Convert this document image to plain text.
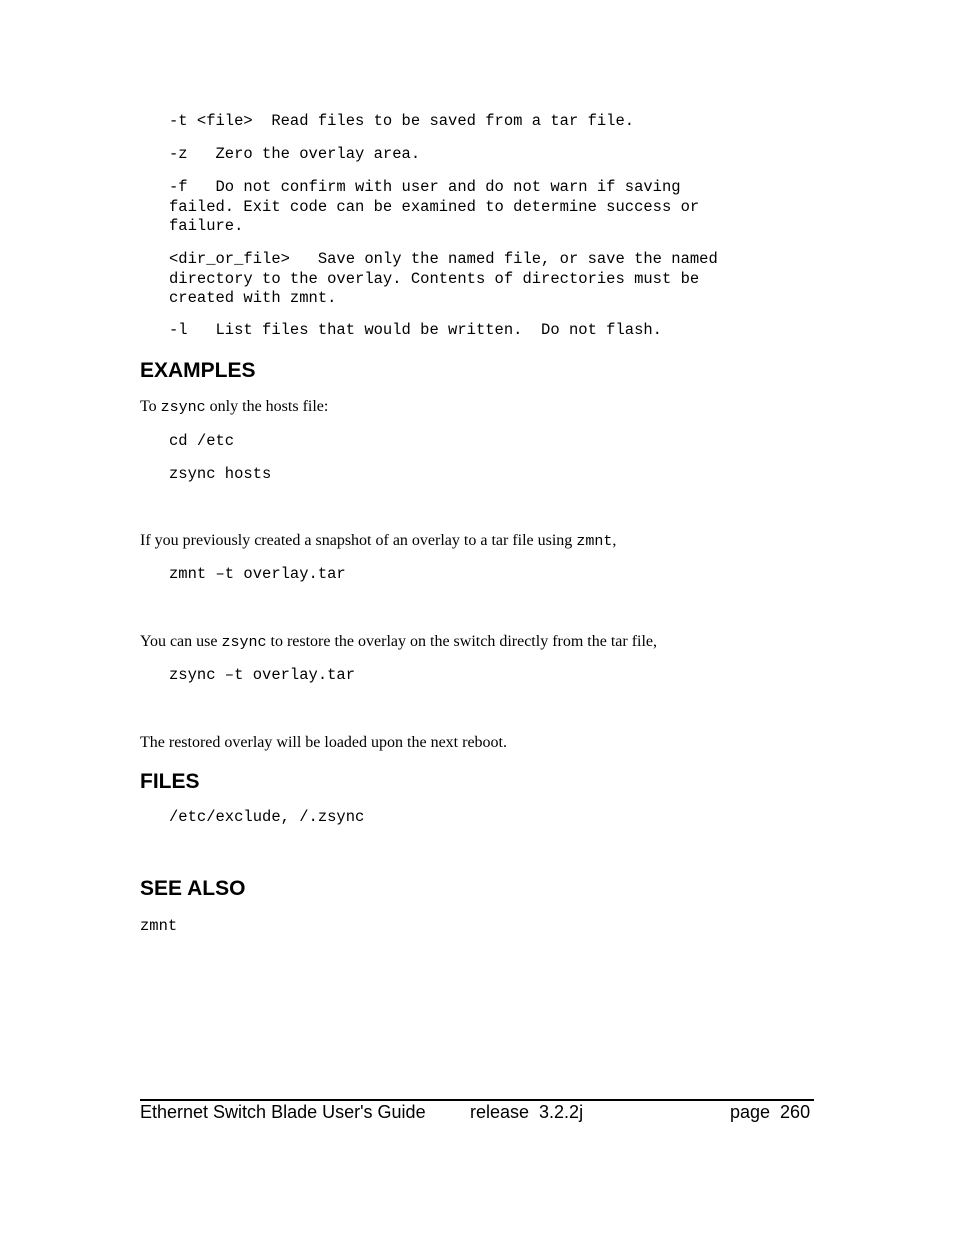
-t <file>  Read files to be saved from a tar file.

-z   Zero the overlay area.

-f   Do not confirm with user and do not warn if saving
failed. Exit code can be examined to determine success or
failure.

<dir_or_file>   Save only the named file, or save the named
directory to the overlay. Contents of directories must be
created with zmnt.

-l   List files that would be written.  Do not flash.

EXAMPLES

To zsync only the hosts file:

cd /etc

zsync hosts

If you previously created a snapshot of an overlay to a tar file using zmnt,

zmnt –t overlay.tar

You can use zsync to restore the overlay on the switch directly from the tar file,

zsync –t overlay.tar

The restored overlay will be loaded upon the next reboot.

FILES

/etc/exclude, /.zsync

SEE ALSO

zmnt

Ethernet Switch Blade User's Guide release  3.2.2j	page  260
